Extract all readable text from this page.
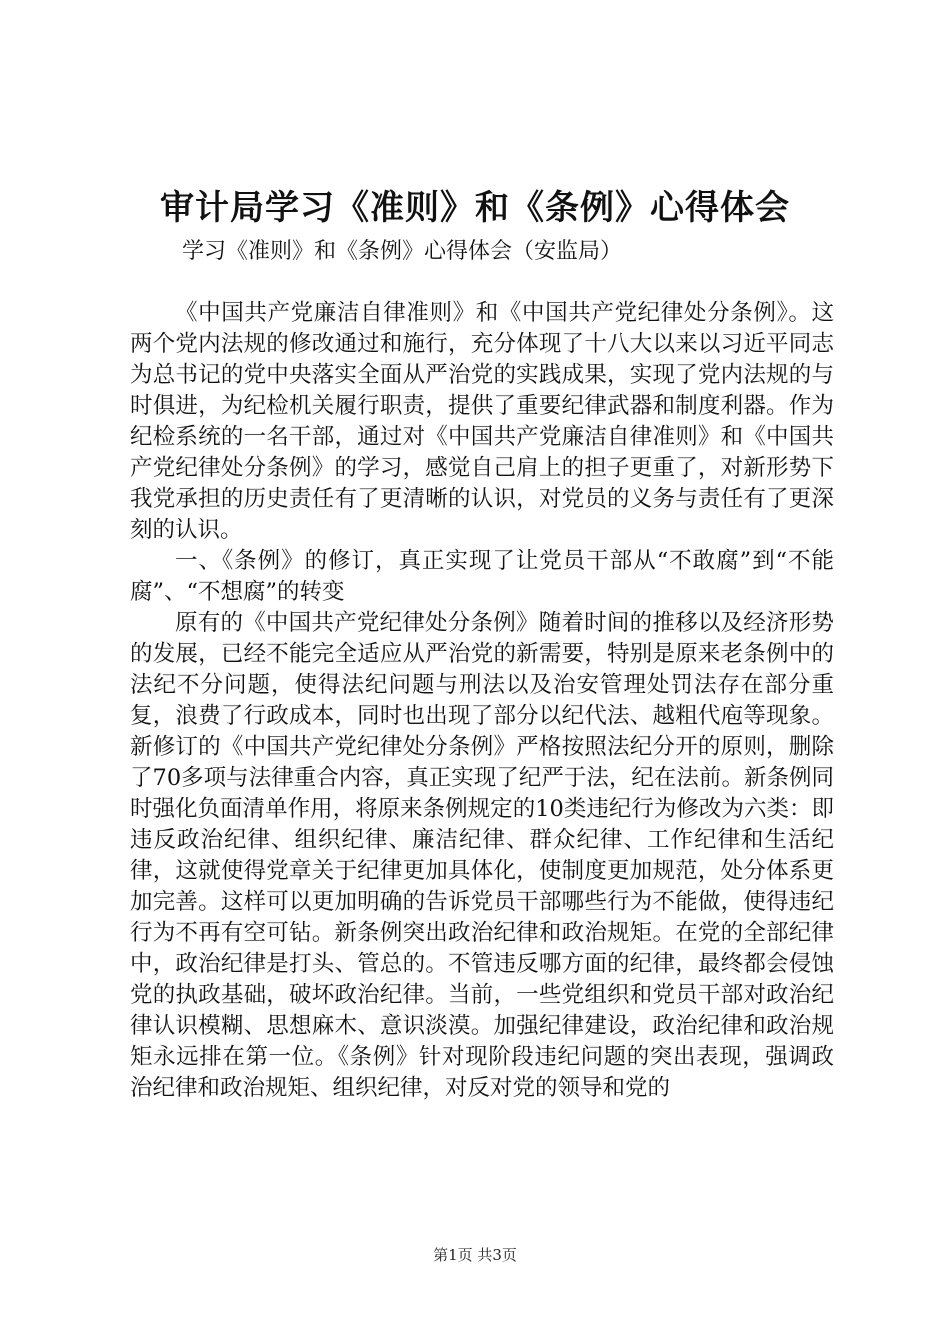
审计局学习《准则》和《条例》心得体会
学习《准则》和《条例》心得体会（安监局）

《中国共产党廉洁自律准则》和《中国共产党纪律处分条例》。这两个党内法规的修改通过和施行，充分体现了十八大以来以习近平同志为总书记的党中央落实全面从严治党的实践成果，实现了党内法规的与时俱进，为纪检机关履行职责，提供了重要纪律武器和制度利器。作为纪检系统的一名干部，通过对《中国共产党廉洁自律准则》和《中国共产党纪律处分条例》的学习，感觉自己肩上的担子更重了，对新形势下我党承担的历史责任有了更清晰的认识，对党员的义务与责任有了更深刻的认识。

一、《条例》的修订，真正实现了让党员干部从“不敢腐”到“不能腐”、“不想腐”的转变

原有的《中国共产党纪律处分条例》随着时间的推移以及经济形势的发展，已经不能完全适应从严治党的新需要，特别是原来老条例中的法纪不分问题，使得法纪问题与刑法以及治安管理处罚法存在部分重复，浪费了行政成本，同时也出现了部分以纪代法、越粗代庖等现象。新修订的《中国共产党纪律处分条例》严格按照法纪分开的原则，删除了70多项与法律重合内容，真正实现了纪严于法，纪在法前。新条例同时强化负面清单作用，将原来条例规定的10类违纪行为修改为六类：即违反政治纪律、组织纪律、廉洁纪律、群众纪律、工作纪律和生活纪律，这就使得党章关于纪律更加具体化，使制度更加规范，处分体系更加完善。这样可以更加明确的告诉党员干部哪些行为不能做，使得违纪行为不再有空可钻。新条例突出政治纪律和政治规矩。在党的全部纪律中，政治纪律是打头、管总的。不管违反哪方面的纪律，最终都会侵蚀党的执政基础，破坏政治纪律。当前，一些党组织和党员干部对政治纪律认识模糊、思想麻木、意识淡漠。加强纪律建设，政治纪律和政治规矩永远排在第一位。《条例》针对现阶段违纪问题的突出表现，强调政治纪律和政治规矩、组织纪律，对反对党的领导和党的

第1页 共3页
